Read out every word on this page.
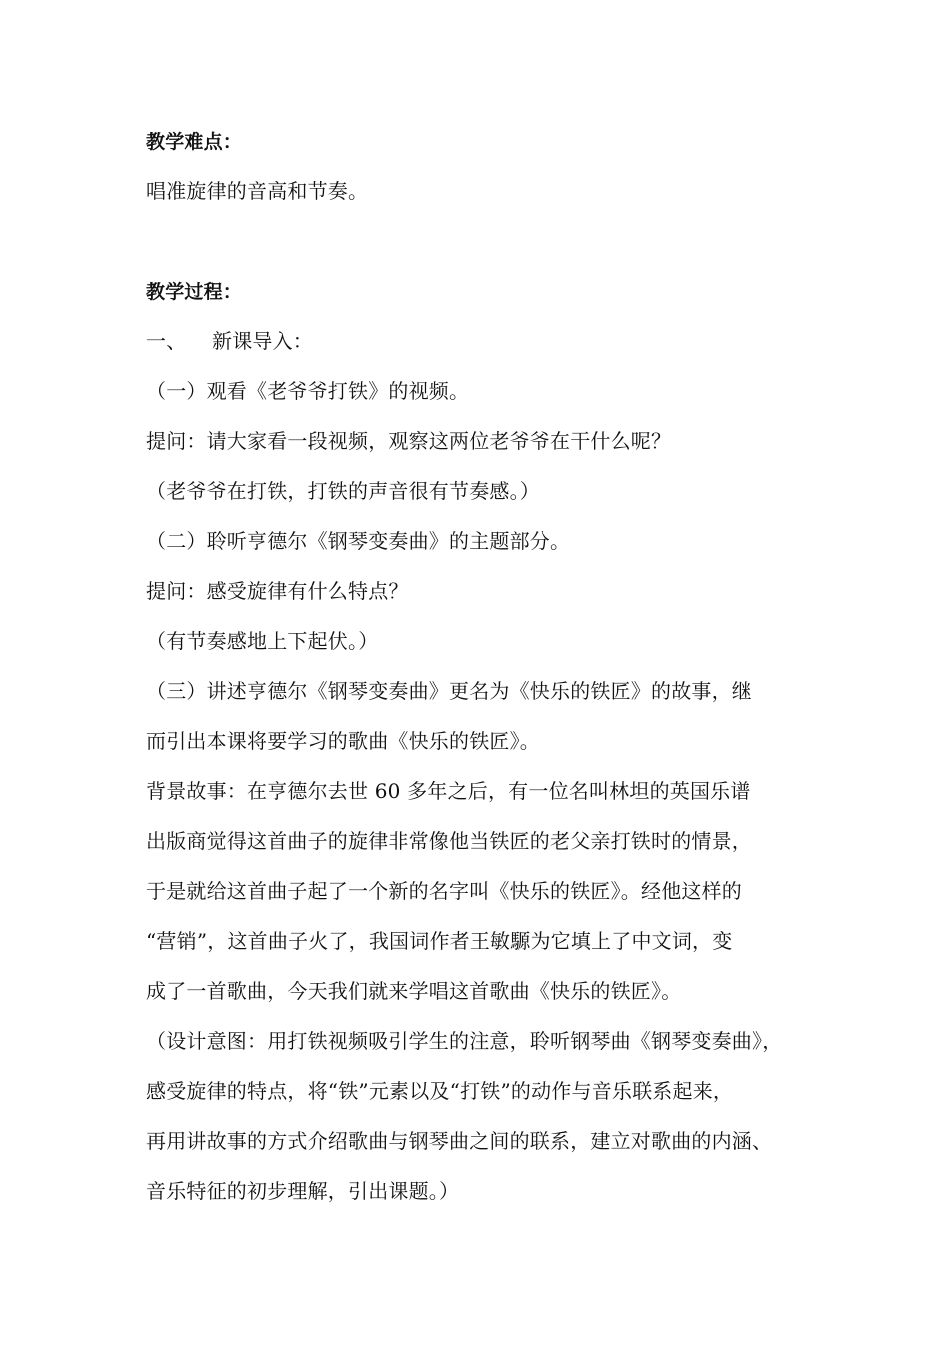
教学难点：
唱准旋律的音高和节奏。
教学过程：
一、 新课导入：
（一）观看《老爷爷打铁》的视频。
提问：请大家看一段视频，观察这两位老爷爷在干什么呢？
（老爷爷在打铁，打铁的声音很有节奏感。）
（二）聆听亨德尔《钢琴变奏曲》的主题部分。
提问：感受旋律有什么特点？
（有节奏感地上下起伏。）
（三）讲述亨德尔《钢琴变奏曲》更名为《快乐的铁匠》的故事，继
而引出本课将要学习的歌曲《快乐的铁匠》。
背景故事：在亨德尔去世 60 多年之后，有一位名叫林坦的英国乐谱
出版商觉得这首曲子的旋律非常像他当铁匠的老父亲打铁时的情景，
于是就给这首曲子起了一个新的名字叫《快乐的铁匠》。经他这样的
“营销”，这首曲子火了，我国词作者王敏騵为它填上了中文词，变
成了一首歌曲，今天我们就来学唱这首歌曲《快乐的铁匠》。
（设计意图：用打铁视频吸引学生的注意，聆听钢琴曲《钢琴变奏曲》，
感受旋律的特点，将“铁”元素以及“打铁”的动作与音乐联系起来，
再用讲故事的方式介绍歌曲与钢琴曲之间的联系，建立对歌曲的内涵、
音乐特征的初步理解，引出课题。）
